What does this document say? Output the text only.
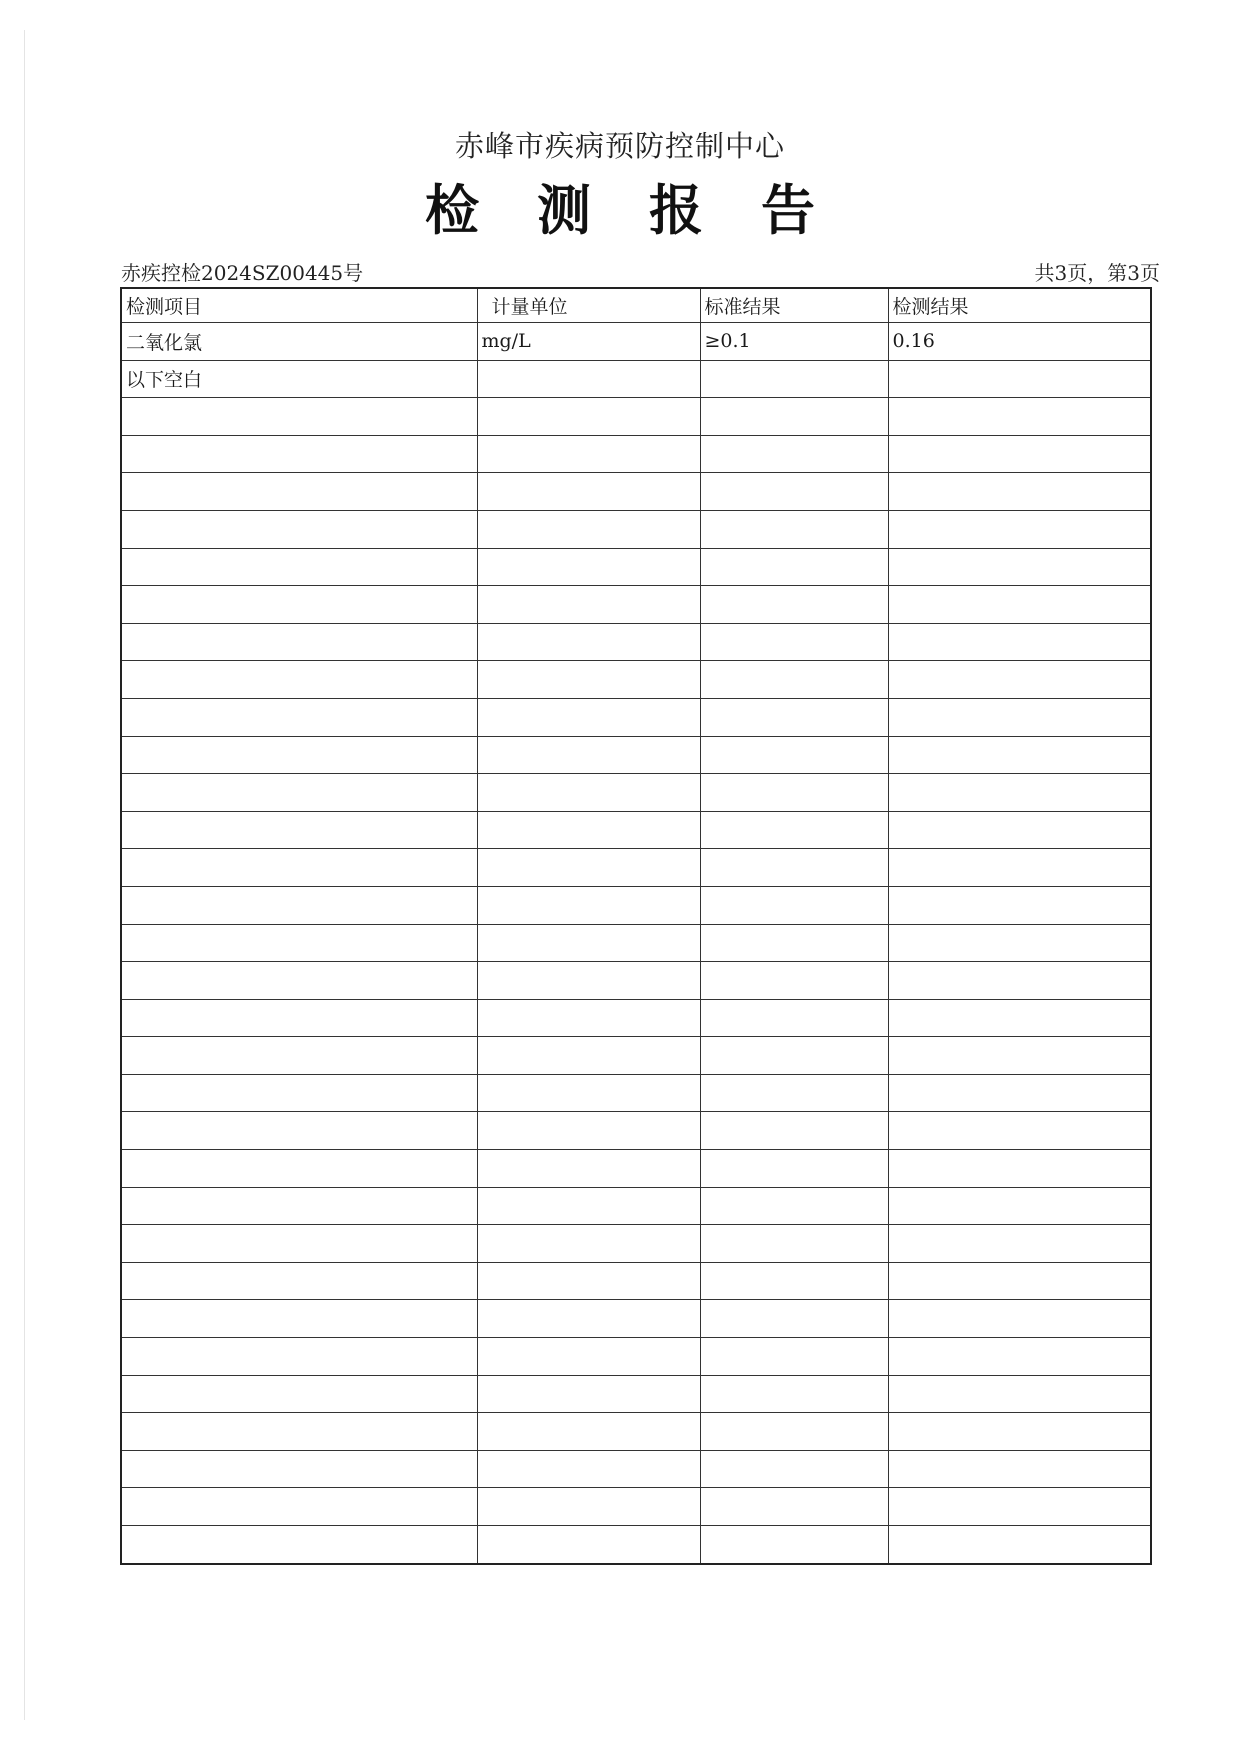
赤峰市疾病预防控制中心
检测报告
赤疾控检2024SZ00445号	共3页，第3页
检测项目	计量单位	标准结果	检测结果
二氧化氯	mg/L	≥0.1	0.16
以下空白			
